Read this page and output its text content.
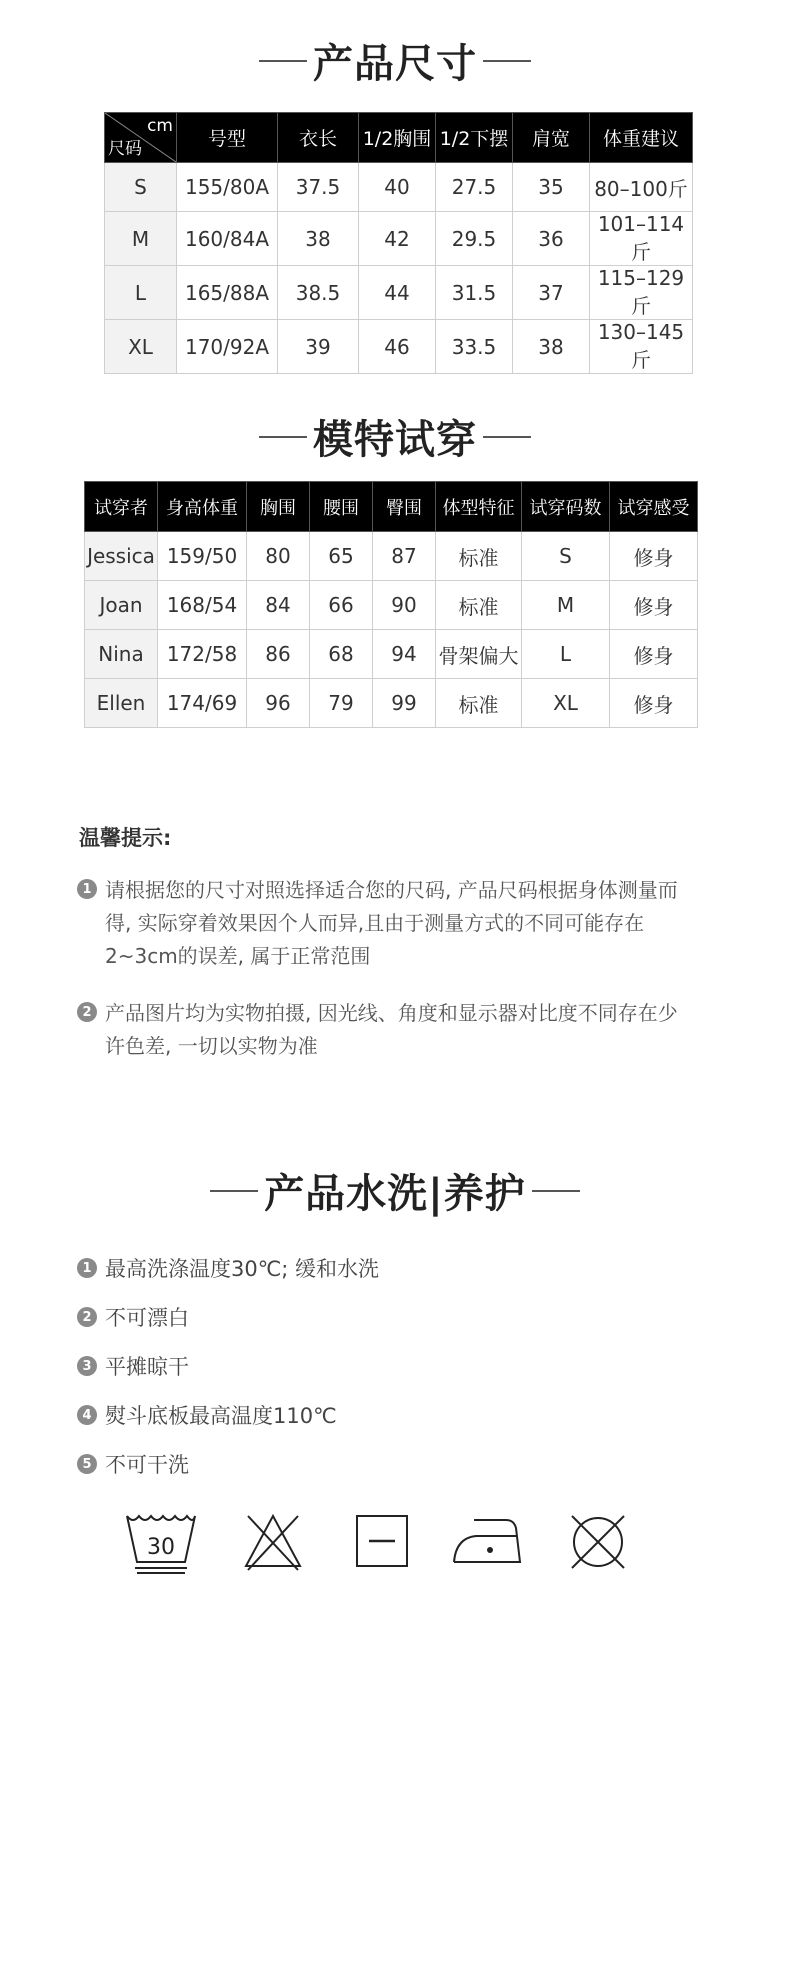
产品尺寸
cm
尺码	号型	衣长	1/2胸围	1/2下摆	肩宽	体重建议
S	155/80A	37.5	40	27.5	35	80–100斤
M	160/84A	38	42	29.5	36	101–114斤
L	165/88A	38.5	44	31.5	37	115–129斤
XL	170/92A	39	46	33.5	38	130–145斤
模特试穿
试穿者	身高体重	胸围	腰围	臀围	体型特征	试穿码数	试穿感受
Jessica	159/50	80	65	87	标准	S	修身
Joan	168/54	84	66	90	标准	M	修身
Nina	172/58	86	68	94	骨架偏大	L	修身
Ellen	174/69	96	79	99	标准	XL	修身
温馨提示:
1 请根据您的尺寸对照选择适合您的尺码, 产品尺码根据身体测量而得, 实际穿着效果因个人而异,且由于测量方式的不同可能存在2~3cm的误差, 属于正常范围
2 产品图片均为实物拍摄, 因光线、角度和显示器对比度不同存在少许色差, 一切以实物为准
产品水洗|养护
1 最高洗涤温度30℃; 缓和水洗
2 不可漂白
3 平摊晾干
4 熨斗底板最高温度110℃
5 不可干洗
30
